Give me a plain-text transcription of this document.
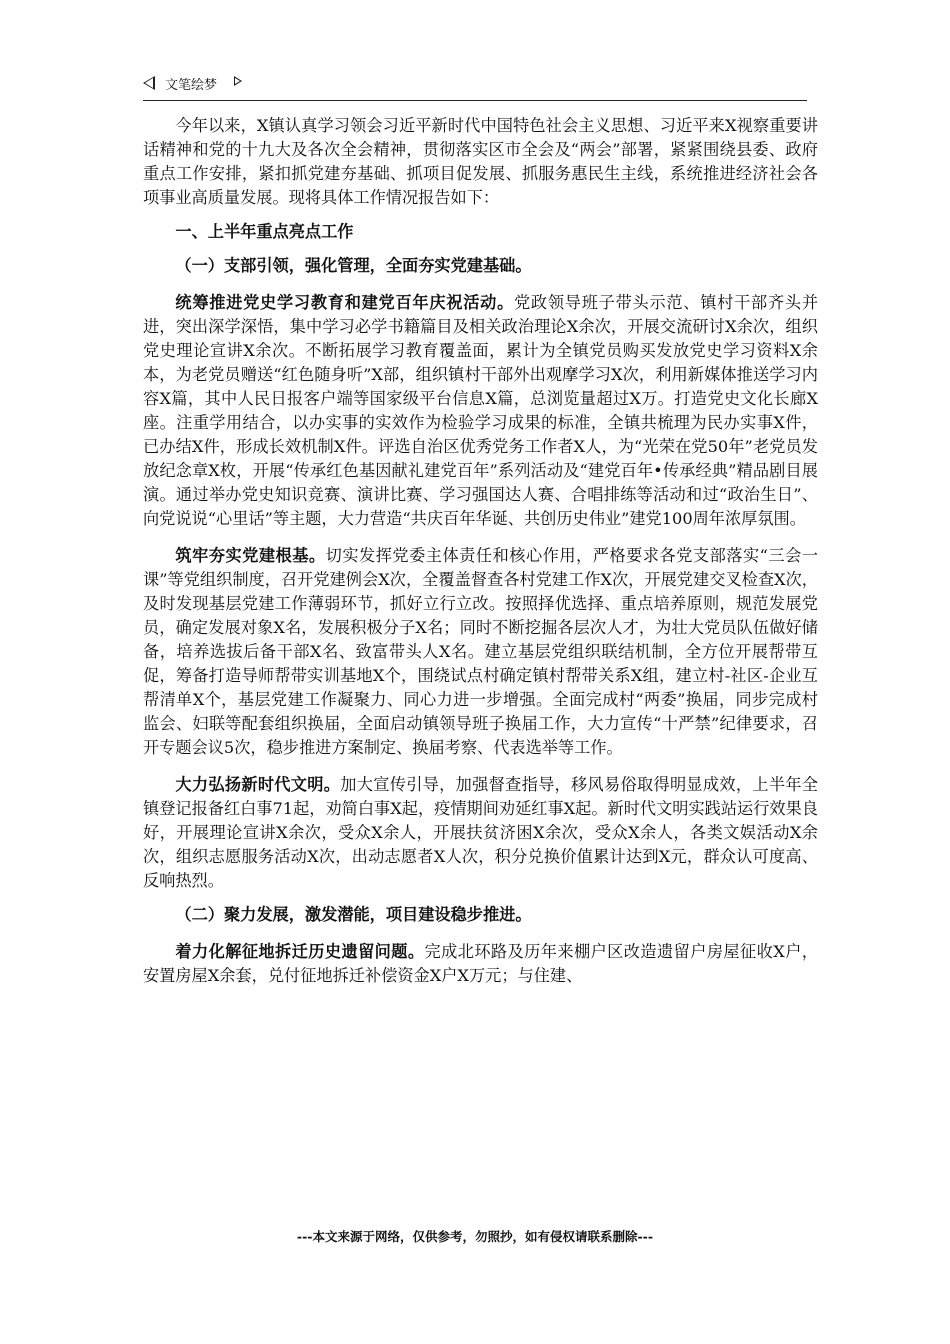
文笔绘梦

今年以来，X镇认真学习领会习近平新时代中国特色社会主义思想、习近平来X视察重要讲话精神和党的十九大及各次全会精神，贯彻落实区市全会及“两会”部署，紧紧围绕县委、政府重点工作安排，紧扣抓党建夯基础、抓项目促发展、抓服务惠民生主线，系统推进经济社会各项事业高质量发展。现将具体工作情况报告如下：

一、上半年重点亮点工作
（一）支部引领，强化管理，全面夯实党建基础。

统筹推进党史学习教育和建党百年庆祝活动。党政领导班子带头示范、镇村干部齐头并进，突出深学深悟，集中学习必学书籍篇目及相关政治理论X余次，开展交流研讨X余次，组织党史理论宣讲X余次。不断拓展学习教育覆盖面，累计为全镇党员购买发放党史学习资料X余本，为老党员赠送“红色随身听”X部，组织镇村干部外出观摩学习X次，利用新媒体推送学习内容X篇，其中人民日报客户端等国家级平台信息X篇，总浏览量超过X万。打造党史文化长廊X座。注重学用结合，以办实事的实效作为检验学习成果的标准，全镇共梳理为民办实事X件，已办结X件，形成长效机制X件。评选自治区优秀党务工作者X人，为“光荣在党50年”老党员发放纪念章X枚，开展“传承红色基因献礼建党百年”系列活动及“建党百年•传承经典”精品剧目展演。通过举办党史知识竞赛、演讲比赛、学习强国达人赛、合唱排练等活动和过“政治生日”、向党说说“心里话”等主题，大力营造“共庆百年华诞、共创历史伟业”建党100周年浓厚氛围。

筑牢夯实党建根基。切实发挥党委主体责任和核心作用，严格要求各党支部落实“三会一课”等党组织制度，召开党建例会X次，全覆盖督查各村党建工作X次，开展党建交叉检查X次，及时发现基层党建工作薄弱环节，抓好立行立改。按照择优选择、重点培养原则，规范发展党员，确定发展对象X名，发展积极分子X名；同时不断挖掘各层次人才，为壮大党员队伍做好储备，培养选拔后备干部X名、致富带头人X名。建立基层党组织联结机制，全方位开展帮带互促，筹备打造导师帮带实训基地X个，围绕试点村确定镇村帮带关系X组，建立村-社区-企业互帮清单X个，基层党建工作凝聚力、同心力进一步增强。全面完成村“两委”换届，同步完成村监会、妇联等配套组织换届，全面启动镇领导班子换届工作，大力宣传“十严禁”纪律要求，召开专题会议5次，稳步推进方案制定、换届考察、代表选举等工作。

大力弘扬新时代文明。加大宣传引导，加强督查指导，移风易俗取得明显成效，上半年全镇登记报备红白事71起，劝简白事X起，疫情期间劝延红事X起。新时代文明实践站运行效果良好，开展理论宣讲X余次，受众X余人，开展扶贫济困X余次，受众X余人，各类文娱活动X余次，组织志愿服务活动X次，出动志愿者X人次，积分兑换价值累计达到X元，群众认可度高、反响热烈。

（二）聚力发展，激发潜能，项目建设稳步推进。

着力化解征地拆迁历史遗留问题。完成北环路及历年来棚户区改造遗留户房屋征收X户，安置房屋X余套，兑付征地拆迁补偿资金X户X万元；与住建、

---本文来源于网络，仅供参考，勿照抄，如有侵权请联系删除---
